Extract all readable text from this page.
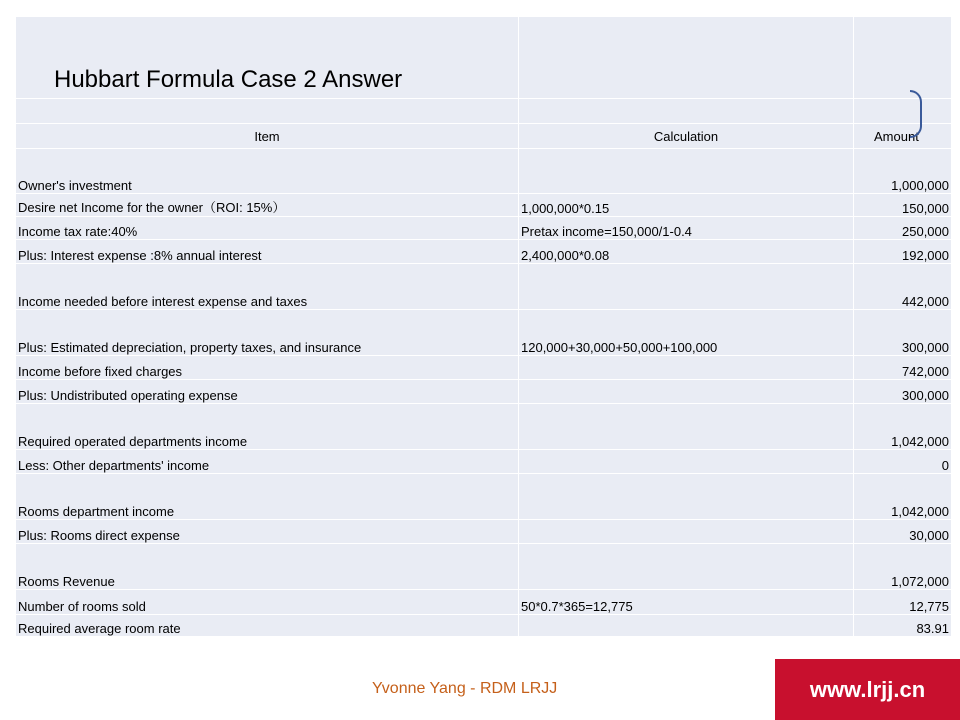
Hubbart Formula Case 2 Answer		

Item	Calculation	Amount
Owner's investment		1,000,000
Desire net Income for the owner（ROI: 15%）	1,000,000*0.15	150,000
Income tax rate:40%	Pretax income=150,000/1-0.4	250,000
Plus: Interest expense :8% annual interest	2,400,000*0.08	192,000
Income needed before interest expense and taxes		442,000
Plus: Estimated depreciation, property taxes, and insurance	120,000+30,000+50,000+100,000	300,000
Income before fixed charges		742,000
Plus: Undistributed operating expense		300,000
Required operated departments income		1,042,000
Less: Other departments' income		0
Rooms department income		1,042,000
Plus: Rooms direct expense		30,000
Rooms Revenue		1,072,000
Number of rooms sold	50*0.7*365=12,775	12,775
Required average room rate		83.91
Yvonne Yang - RDM LRJJ	www.lrjj.cn
